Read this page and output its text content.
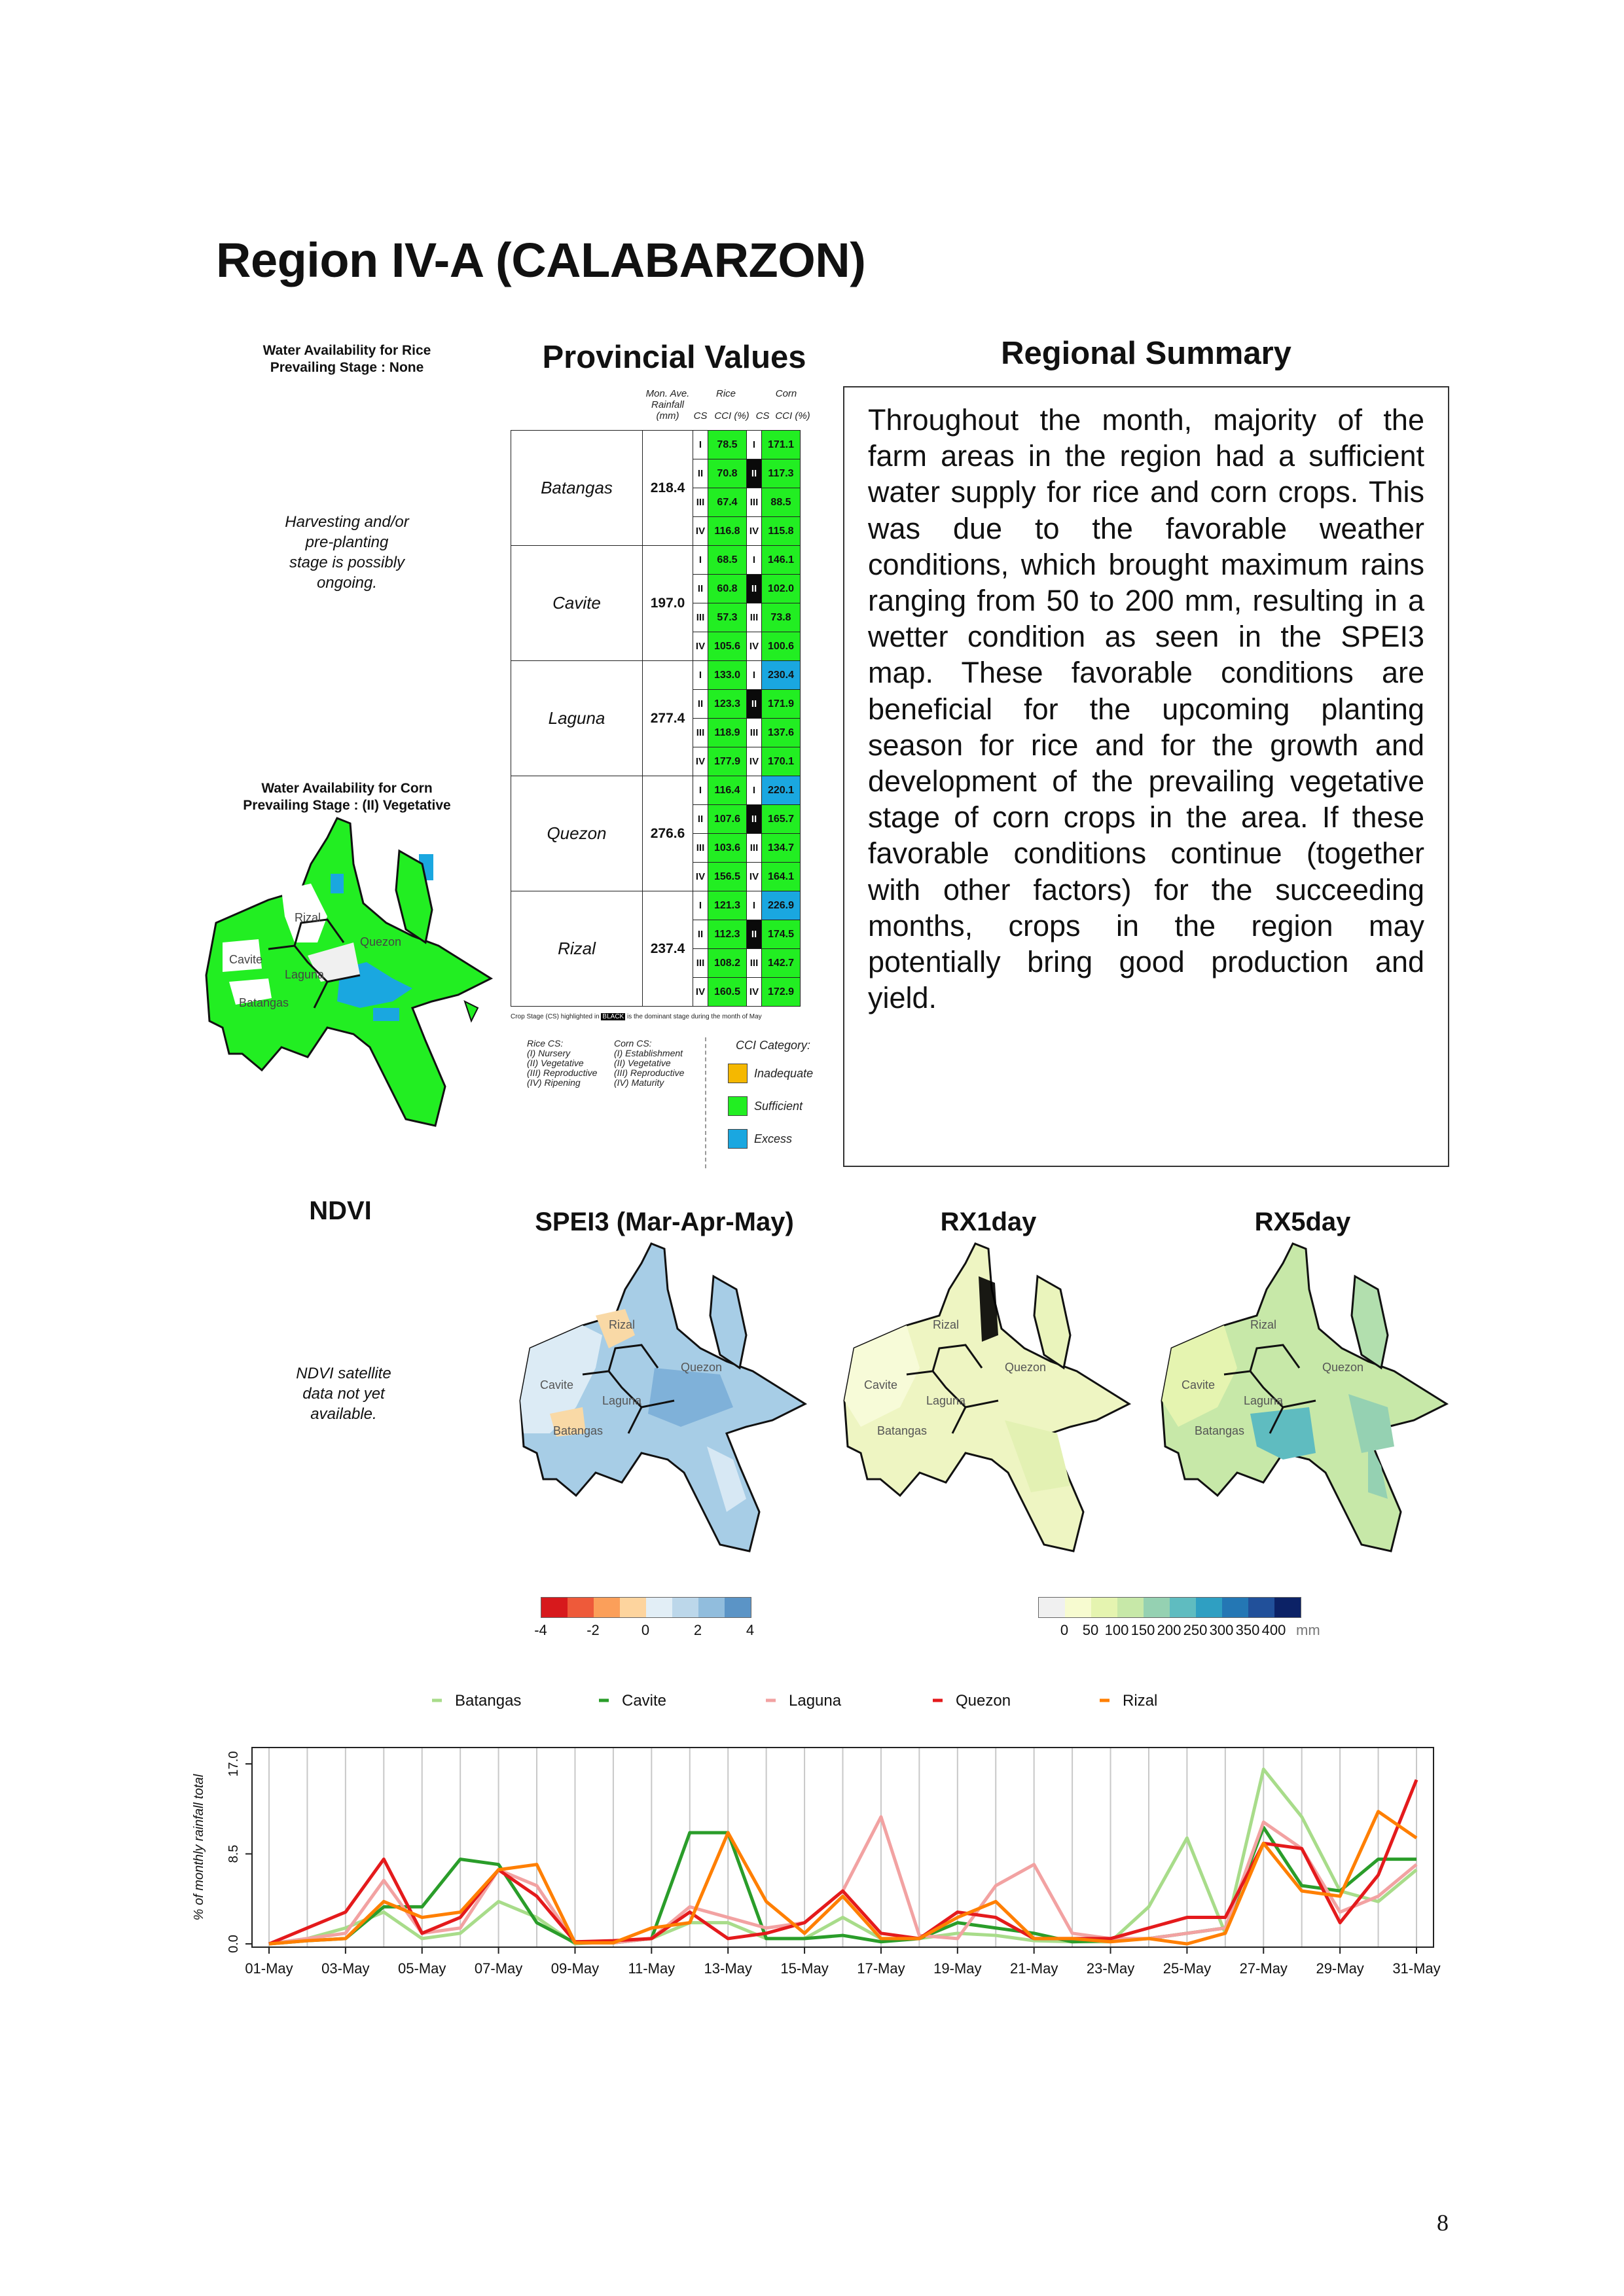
Region IV-A (CALABARZON)
Water Availability for Rice
Prevailing Stage : None
Harvesting and/or
pre-planting
stage is possibly
ongoing.
Water Availability for Corn
Prevailing Stage : (II) Vegetative
Rizal
Quezon
Cavite
Laguna
Batangas
Provincial Values
Mon. Ave.
Rainfall
(mm)
Rice	Corn
CS CCI (%) CS CCI (%)
Batangas	218.4	I	78.5	I	171.1
		II	70.8	II	117.3
		III	67.4	III	88.5
		IV	116.8	IV	115.8
Cavite	197.0	I	68.5	I	146.1
		II	60.8	II	102.0
		III	57.3	III	73.8
		IV	105.6	IV	100.6
Laguna	277.4	I	133.0	I	230.4
		II	123.3	II	171.9
		III	118.9	III	137.6
		IV	177.9	IV	170.1
Quezon	276.6	I	116.4	I	220.1
		II	107.6	II	165.7
		III	103.6	III	134.7
		IV	156.5	IV	164.1
Rizal	237.4	I	121.3	I	226.9
		II	112.3	II	174.5
		III	108.2	III	142.7
		IV	160.5	IV	172.9
Crop Stage (CS) highlighted in BLACK is the dominant stage during the month of May
Rice CS:
(I) Nursery
(II) Vegetative
(III) Reproductive
(IV) Ripening
Corn CS:
(I) Establishment
(II) Vegetative
(III) Reproductive
(IV) Maturity
CCI Category:
Inadequate
Sufficient
Excess
Regional Summary
Throughout the month, majority of the farm areas in the region had a sufficient water supply for rice and corn crops. This was due to the favorable weather conditions, which brought maximum rains ranging from 50 to 200 mm, resulting in a wetter condition as seen in the SPEI3 map. These favorable conditions are beneficial for the upcoming planting season for rice and for the growth and development of the prevailing vegetative stage of corn crops in the area. If these favorable conditions continue (together with other factors) for the succeeding months, crops in the region may potentially bring good production and yield.
NDVI
NDVI satellite
data not yet
available.
SPEI3 (Mar-Apr-May)	RX1day	RX5day
Rizal
Quezon
Cavite
Laguna
Batangas
Rizal
Quezon
Cavite
Laguna
Batangas
Rizal
Quezon
Cavite
Laguna
Batangas
-4	-2	0	2	4	0 50 100 150 200 250 300 350 400 mm
Batangas	Cavite	Laguna	Quezon	Rizal
0.0
8.5
17.0
% of monthly rainfall total
01-May 03-May 05-May 07-May 09-May 11-May 13-May 15-May 17-May 19-May 21-May 23-May 25-May 27-May 29-May 31-May
8
